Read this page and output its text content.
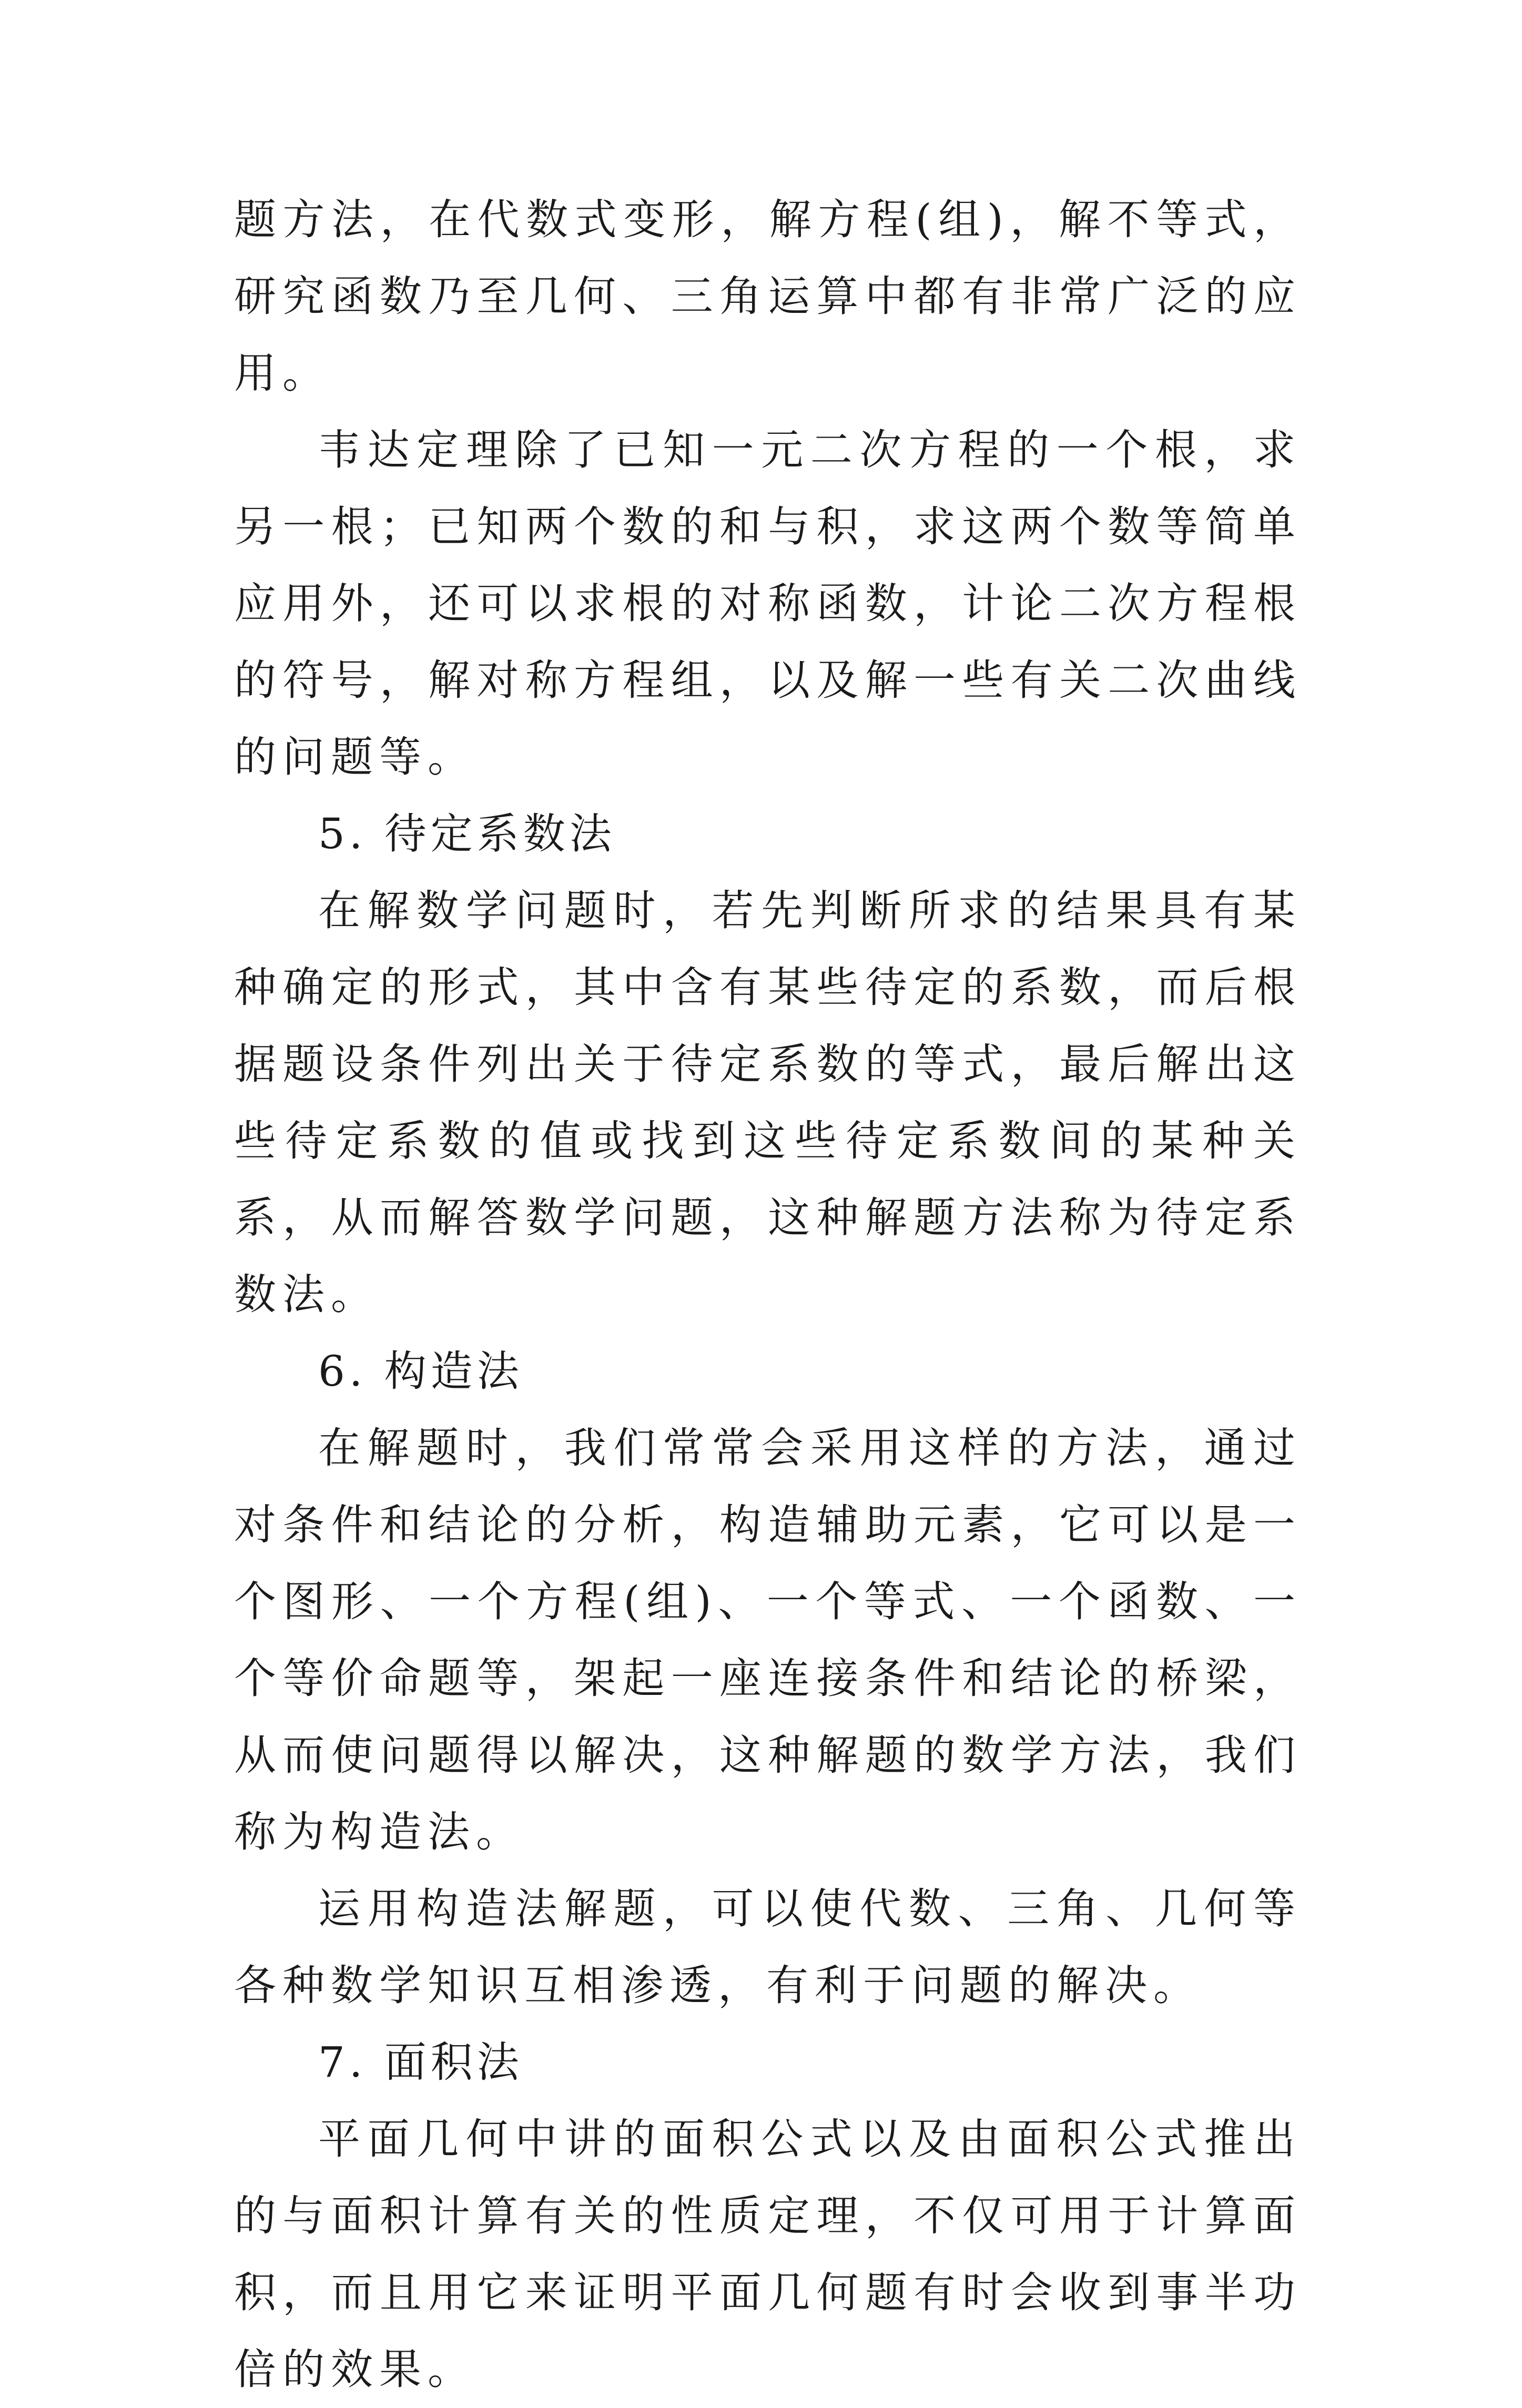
题方法，在代数式变形，解方程(组)，解不等式，研究函数乃至几何、三角运算中都有非常广泛的应用。

韦达定理除了已知一元二次方程的一个根，求另一根；已知两个数的和与积，求这两个数等简单应用外，还可以求根的对称函数，计论二次方程根的符号，解对称方程组，以及解一些有关二次曲线的问题等。

5. 待定系数法

在解数学问题时，若先判断所求的结果具有某种确定的形式，其中含有某些待定的系数，而后根据题设条件列出关于待定系数的等式，最后解出这些待定系数的值或找到这些待定系数间的某种关系，从而解答数学问题，这种解题方法称为待定系数法。

6. 构造法

在解题时，我们常常会采用这样的方法，通过对条件和结论的分析，构造辅助元素，它可以是一个图形、一个方程(组)、一个等式、一个函数、一个等价命题等，架起一座连接条件和结论的桥梁，从而使问题得以解决，这种解题的数学方法，我们称为构造法。

运用构造法解题，可以使代数、三角、几何等各种数学知识互相渗透，有利于问题的解决。

7. 面积法

平面几何中讲的面积公式以及由面积公式推出的与面积计算有关的性质定理，不仅可用于计算面积，而且用它来证明平面几何题有时会收到事半功倍的效果。
